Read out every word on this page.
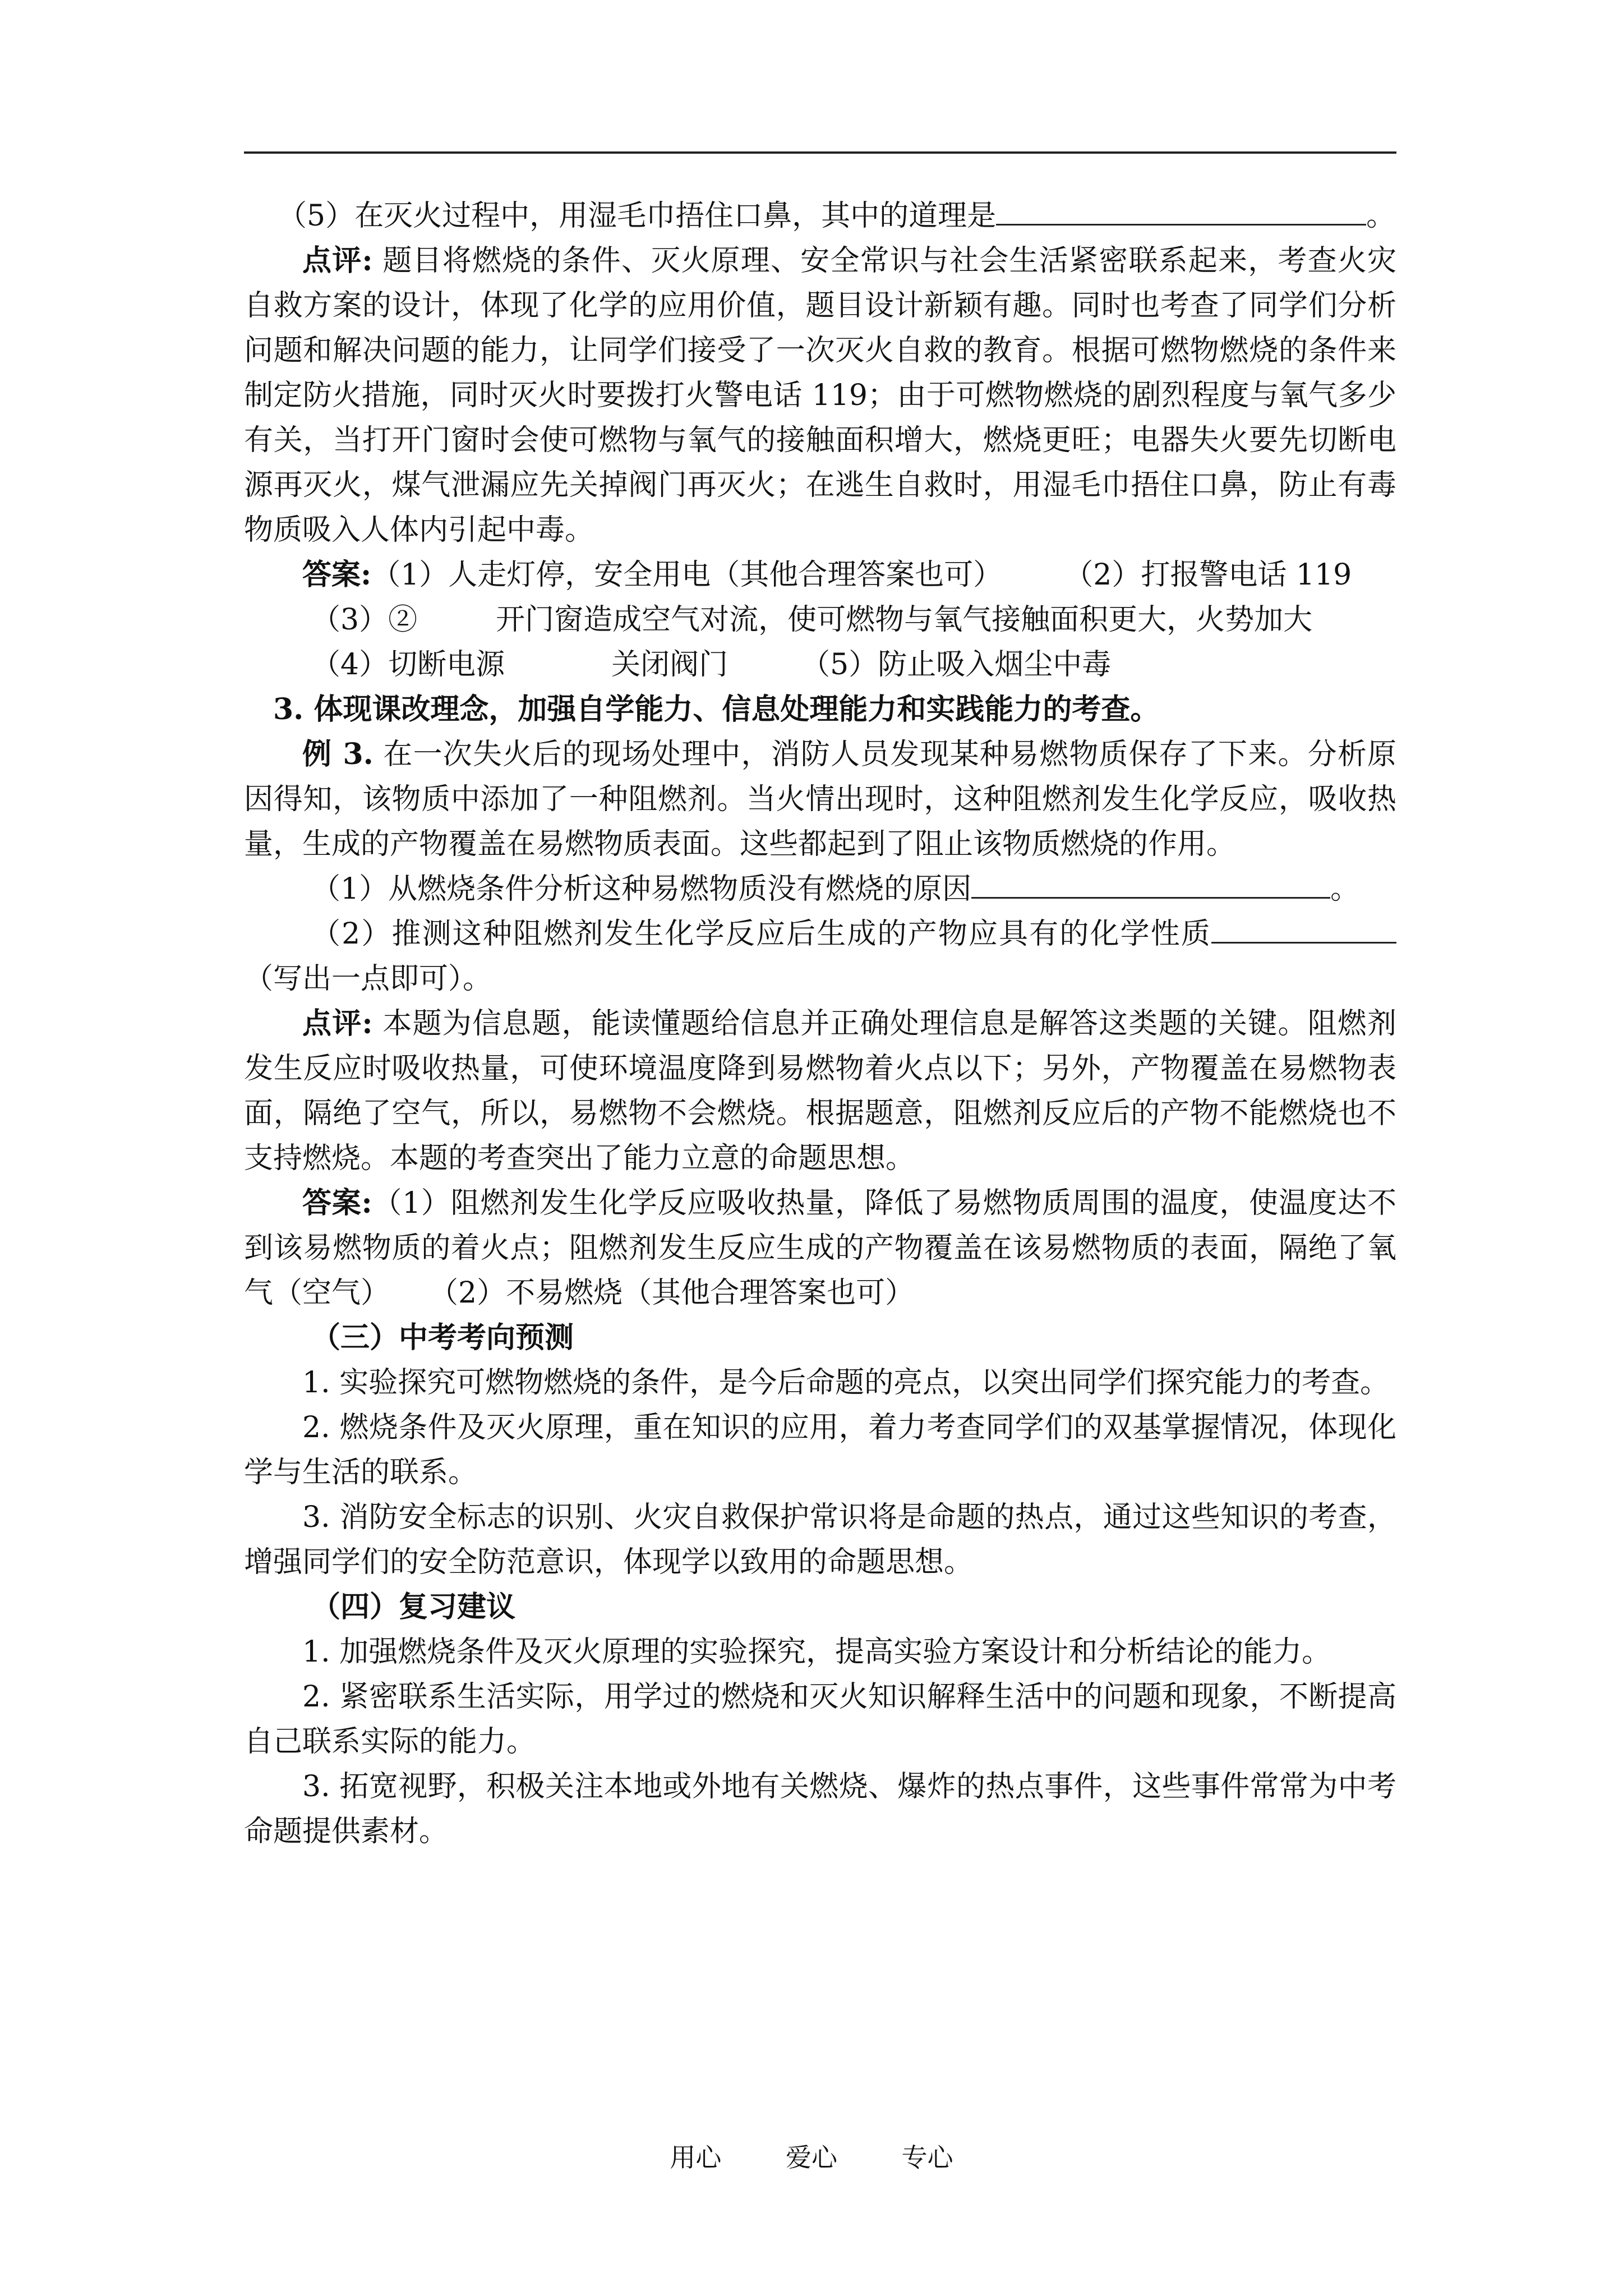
（5）在灭火过程中，用湿毛巾捂住口鼻，其中的道理是	。

点评: 题目将燃烧的条件、灭火原理、安全常识与社会生活紧密联系起来，考查火灾自救方案的设计，体现了化学的应用价值，题目设计新颖有趣。同时也考查了同学们分析问题和解决问题的能力，让同学们接受了一次灭火自救的教育。根据可燃物燃烧的条件来制定防火措施，同时灭火时要拨打火警电话 119；由于可燃物燃烧的剧烈程度与氧气多少有关，当打开门窗时会使可燃物与氧气的接触面积增大，燃烧更旺；电器失火要先切断电源再灭火，煤气泄漏应先关掉阀门再灭火；在逃生自救时，用湿毛巾捂住口鼻，防止有毒物质吸入人体内引起中毒。

答案:（1）人走灯停，安全用电（其他合理答案也可） （2）打报警电话 119

（3）②	开门窗造成空气对流，使可燃物与氧气接触面积更大，火势加大

（4）切断电源	关闭阀门	（5）防止吸入烟尘中毒

3. 体现课改理念，加强自学能力、信息处理能力和实践能力的考查。

例 3. 在一次失火后的现场处理中，消防人员发现某种易燃物质保存了下来。分析原因得知，该物质中添加了一种阻燃剂。当火情出现时，这种阻燃剂发生化学反应，吸收热量，生成的产物覆盖在易燃物质表面。这些都起到了阻止该物质燃烧的作用。

（1）从燃烧条件分析这种易燃物质没有燃烧的原因	。

（2）推测这种阻燃剂发生化学反应后生成的产物应具有的化学性质（写出一点即可）。

点评: 本题为信息题，能读懂题给信息并正确处理信息是解答这类题的关键。阻燃剂发生反应时吸收热量，可使环境温度降到易燃物着火点以下；另外，产物覆盖在易燃物表面，隔绝了空气，所以，易燃物不会燃烧。根据题意，阻燃剂反应后的产物不能燃烧也不支持燃烧。本题的考查突出了能力立意的命题思想。

答案:（1）阻燃剂发生化学反应吸收热量，降低了易燃物质周围的温度，使温度达不到该易燃物质的着火点；阻燃剂发生反应生成的产物覆盖在该易燃物质的表面，隔绝了氧气（空气） （2）不易燃烧（其他合理答案也可）

（三）中考考向预测

1. 实验探究可燃物燃烧的条件，是今后命题的亮点，以突出同学们探究能力的考查。

2. 燃烧条件及灭火原理，重在知识的应用，着力考查同学们的双基掌握情况，体现化学与生活的联系。

3. 消防安全标志的识别、火灾自救保护常识将是命题的热点，通过这些知识的考查，增强同学们的安全防范意识，体现学以致用的命题思想。

（四）复习建议

1. 加强燃烧条件及灭火原理的实验探究，提高实验方案设计和分析结论的能力。

2. 紧密联系生活实际，用学过的燃烧和灭火知识解释生活中的问题和现象，不断提高自己联系实际的能力。

3. 拓宽视野，积极关注本地或外地有关燃烧、爆炸的热点事件，这些事件常常为中考命题提供素材。

用心 爱心 专心
